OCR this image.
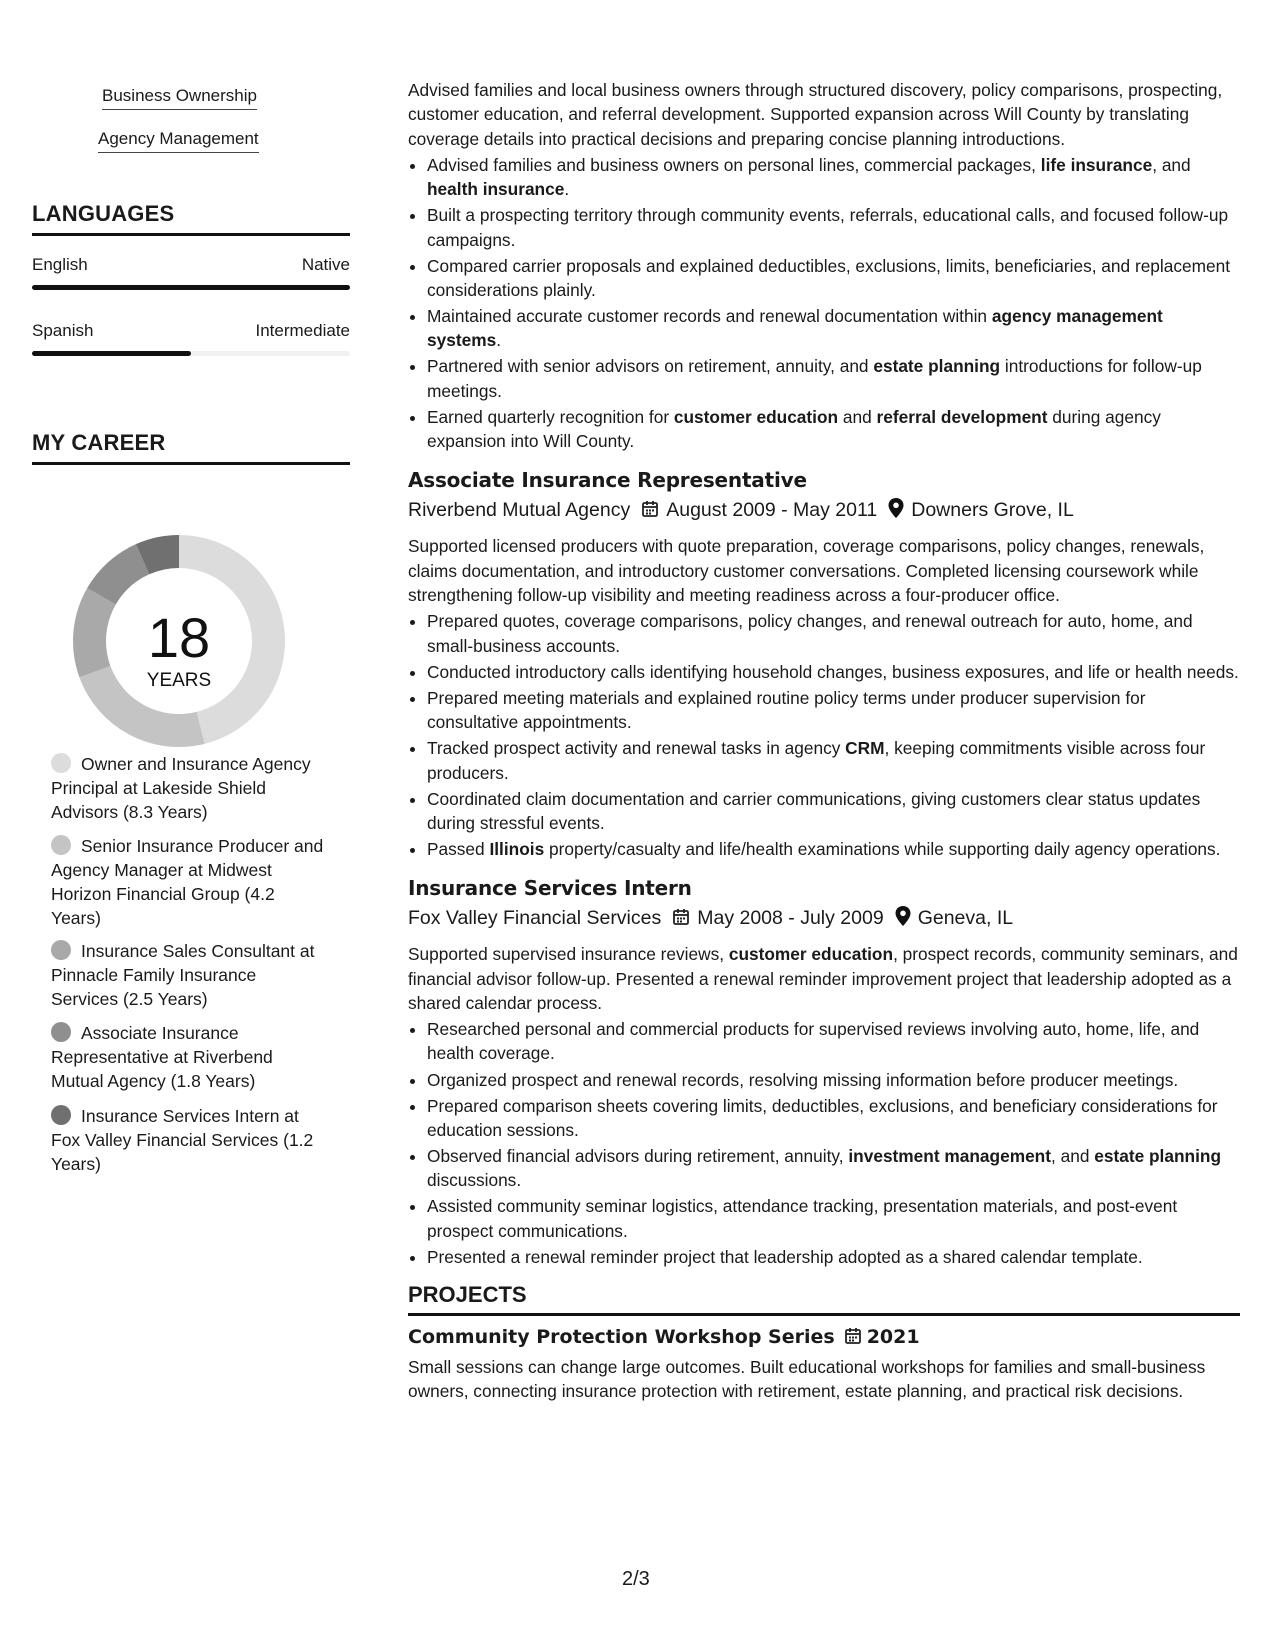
Business Ownership
Agency Management
LANGUAGES
English	Native
Spanish	Intermediate
MY CAREER
18
YEARS
Owner and Insurance Agency Principal at Lakeside Shield Advisors (8.3 Years)
Senior Insurance Producer and Agency Manager at Midwest Horizon Financial Group (4.2 Years)
Insurance Sales Consultant at Pinnacle Family Insurance Services (2.5 Years)
Associate Insurance Representative at Riverbend Mutual Agency (1.8 Years)
Insurance Services Intern at Fox Valley Financial Services (1.2 Years)

Advised families and local business owners through structured discovery, policy comparisons, prospecting, customer education, and referral development. Supported expansion across Will County by translating coverage details into practical decisions and preparing concise planning introductions.

• Advised families and business owners on personal lines, commercial packages, life insurance, and health insurance.
• Built a prospecting territory through community events, referrals, educational calls, and focused follow-up campaigns.
• Compared carrier proposals and explained deductibles, exclusions, limits, beneficiaries, and replacement considerations plainly.
• Maintained accurate customer records and renewal documentation within agency management systems.
• Partnered with senior advisors on retirement, annuity, and estate planning introductions for follow-up meetings.
• Earned quarterly recognition for customer education and referral development during agency expansion into Will County.
Associate Insurance Representative
Riverbend Mutual Agency August 2009 - May 2011 Downers Grove, IL

Supported licensed producers with quote preparation, coverage comparisons, policy changes, renewals, claims documentation, and introductory customer conversations. Completed licensing coursework while strengthening follow-up visibility and meeting readiness across a four-producer office.

• Prepared quotes, coverage comparisons, policy changes, and renewal outreach for auto, home, and small-business accounts.
• Conducted introductory calls identifying household changes, business exposures, and life or health needs.
• Prepared meeting materials and explained routine policy terms under producer supervision for consultative appointments.
• Tracked prospect activity and renewal tasks in agency CRM, keeping commitments visible across four producers.
• Coordinated claim documentation and carrier communications, giving customers clear status updates during stressful events.
• Passed Illinois property/casualty and life/health examinations while supporting daily agency operations.
Insurance Services Intern
Fox Valley Financial Services May 2008 - July 2009 Geneva, IL

Supported supervised insurance reviews, customer education, prospect records, community seminars, and financial advisor follow-up. Presented a renewal reminder improvement project that leadership adopted as a shared calendar process.

• Researched personal and commercial products for supervised reviews involving auto, home, life, and health coverage.
• Organized prospect and renewal records, resolving missing information before producer meetings.
• Prepared comparison sheets covering limits, deductibles, exclusions, and beneficiary considerations for education sessions.
• Observed financial advisors during retirement, annuity, investment management, and estate planning discussions.
• Assisted community seminar logistics, attendance tracking, presentation materials, and post-event prospect communications.
• Presented a renewal reminder project that leadership adopted as a shared calendar template.
PROJECTS
Community Protection Workshop Series 2021

Small sessions can change large outcomes. Built educational workshops for families and small-business owners, connecting insurance protection with retirement, estate planning, and practical risk decisions.

2/3
